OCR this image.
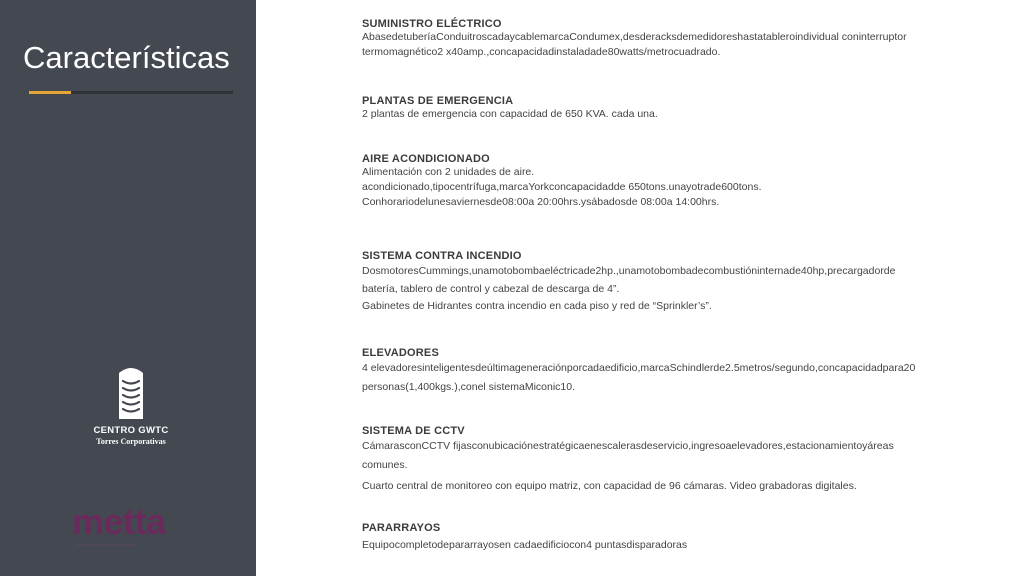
Características
CENTRO GWTC
Torres Corporativas
metta
bienes raíces comerciales
SUMINISTRO ELÉCTRICO
AbasedetuberíaConduitroscadaycablemarcaCondumex,desderacksdemedidoreshastatableroindividual coninterruptor
termomagnético2 x40amp.,concapacidadinstaladade80watts/metrocuadrado.
PLANTAS DE EMERGENCIA
2 plantas de emergencia con capacidad de 650 KVA. cada una.
AIRE ACONDICIONADO
Alimentación con 2 unidades de aire.
acondicionado,tipocentrífuga,marcaYorkconcapacidadde 650tons.unayotrade600tons.
Conhorariodelunesaviernesde08:00a 20:00hrs.ysábadosde 08:00a 14:00hrs.
SISTEMA CONTRA INCENDIO
DosmotoresCummings,unamotobombaeléctricade2hp.,unamotobombadecombustióninternade40hp,precargadorde
batería, tablero de control y cabezal de descarga de 4”.
Gabinetes de Hidrantes contra incendio en cada piso y red de “Sprinkler’s”.
ELEVADORES
4 elevadoresinteligentesdeúltimageneraciónporcadaedificio,marcaSchindlerde2.5metros/segundo,concapacidadpara20
personas(1,400kgs.),conel sistemaMiconic10.
SISTEMA DE CCTV
CámarasconCCTV fijasconubicaciónestratégicaenescalerasdeservicio,ingresoaelevadores,estacionamientoyáreas
comunes.
Cuarto central de monitoreo con equipo matriz, con capacidad de 96 cámaras. Video grabadoras digitales.
PARARRAYOS
Equipocompletodepararrayosen cadaedificiocon4 puntasdisparadoras
